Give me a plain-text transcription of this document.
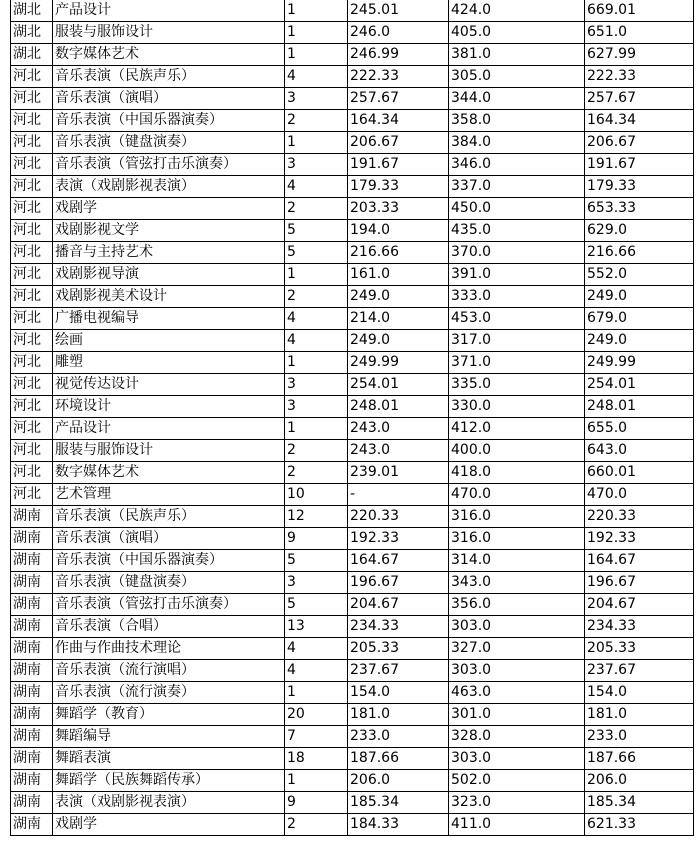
湖北	产品设计	1	245.01	424.0	669.01
湖北	服装与服饰设计	1	246.0	405.0	651.0
湖北	数字媒体艺术	1	246.99	381.0	627.99
河北	音乐表演（民族声乐）	4	222.33	305.0	222.33
河北	音乐表演（演唱）	3	257.67	344.0	257.67
河北	音乐表演（中国乐器演奏）	2	164.34	358.0	164.34
河北	音乐表演（键盘演奏）	1	206.67	384.0	206.67
河北	音乐表演（管弦打击乐演奏）	3	191.67	346.0	191.67
河北	表演（戏剧影视表演）	4	179.33	337.0	179.33
河北	戏剧学	2	203.33	450.0	653.33
河北	戏剧影视文学	5	194.0	435.0	629.0
河北	播音与主持艺术	5	216.66	370.0	216.66
河北	戏剧影视导演	1	161.0	391.0	552.0
河北	戏剧影视美术设计	2	249.0	333.0	249.0
河北	广播电视编导	4	214.0	453.0	679.0
河北	绘画	4	249.0	317.0	249.0
河北	雕塑	1	249.99	371.0	249.99
河北	视觉传达设计	3	254.01	335.0	254.01
河北	环境设计	3	248.01	330.0	248.01
河北	产品设计	1	243.0	412.0	655.0
河北	服装与服饰设计	2	243.0	400.0	643.0
河北	数字媒体艺术	2	239.01	418.0	660.01
河北	艺术管理	10	-	470.0	470.0
湖南	音乐表演（民族声乐）	12	220.33	316.0	220.33
湖南	音乐表演（演唱）	9	192.33	316.0	192.33
湖南	音乐表演（中国乐器演奏）	5	164.67	314.0	164.67
湖南	音乐表演（键盘演奏）	3	196.67	343.0	196.67
湖南	音乐表演（管弦打击乐演奏）	5	204.67	356.0	204.67
湖南	音乐表演（合唱）	13	234.33	303.0	234.33
湖南	作曲与作曲技术理论	4	205.33	327.0	205.33
湖南	音乐表演（流行演唱）	4	237.67	303.0	237.67
湖南	音乐表演（流行演奏）	1	154.0	463.0	154.0
湖南	舞蹈学（教育）	20	181.0	301.0	181.0
湖南	舞蹈编导	7	233.0	328.0	233.0
湖南	舞蹈表演	18	187.66	303.0	187.66
湖南	舞蹈学（民族舞蹈传承）	1	206.0	502.0	206.0
湖南	表演（戏剧影视表演）	9	185.34	323.0	185.34
湖南	戏剧学	2	184.33	411.0	621.33
